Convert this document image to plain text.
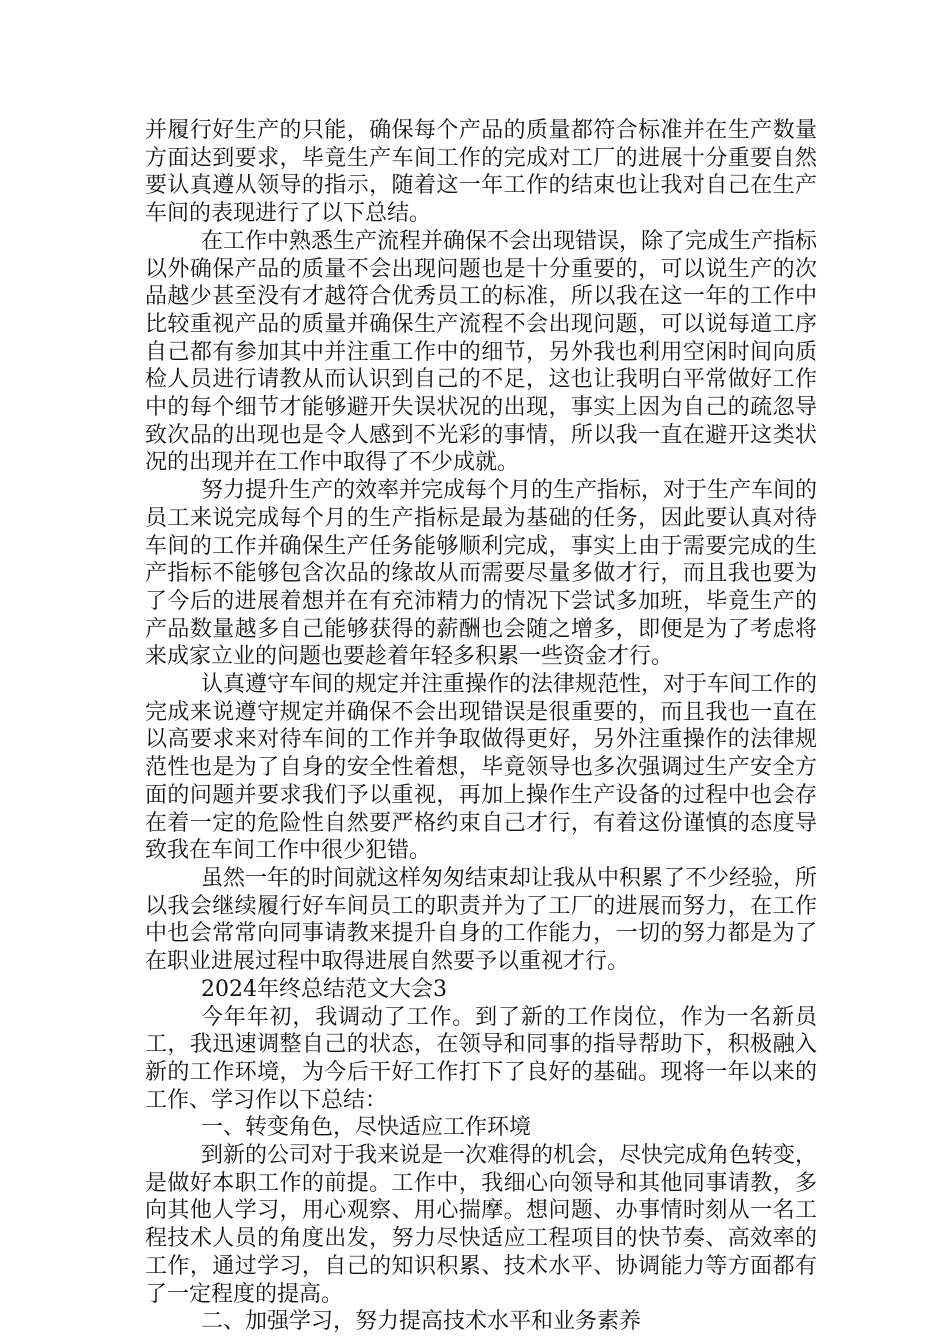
并履行好生产的只能，确保每个产品的质量都符合标准并在生产数量方面达到要求，毕竟生产车间工作的完成对工厂的进展十分重要自然要认真遵从领导的指示，随着这一年工作的结束也让我对自己在生产车间的表现进行了以下总结。

在工作中熟悉生产流程并确保不会出现错误，除了完成生产指标以外确保产品的质量不会出现问题也是十分重要的，可以说生产的次品越少甚至没有才越符合优秀员工的标准，所以我在这一年的工作中比较重视产品的质量并确保生产流程不会出现问题，可以说每道工序自己都有参加其中并注重工作中的细节，另外我也利用空闲时间向质检人员进行请教从而认识到自己的不足，这也让我明白平常做好工作中的每个细节才能够避开失误状况的出现，事实上因为自己的疏忽导致次品的出现也是令人感到不光彩的事情，所以我一直在避开这类状况的出现并在工作中取得了不少成就。

努力提升生产的效率并完成每个月的生产指标，对于生产车间的员工来说完成每个月的生产指标是最为基础的任务，因此要认真对待车间的工作并确保生产任务能够顺利完成，事实上由于需要完成的生产指标不能够包含次品的缘故从而需要尽量多做才行，而且我也要为了今后的进展着想并在有充沛精力的情况下尝试多加班，毕竟生产的产品数量越多自己能够获得的薪酬也会随之增多，即便是为了考虑将来成家立业的问题也要趁着年轻多积累一些资金才行。

认真遵守车间的规定并注重操作的法律规范性，对于车间工作的完成来说遵守规定并确保不会出现错误是很重要的，而且我也一直在以高要求来对待车间的工作并争取做得更好，另外注重操作的法律规范性也是为了自身的安全性着想，毕竟领导也多次强调过生产安全方面的问题并要求我们予以重视，再加上操作生产设备的过程中也会存在着一定的危险性自然要严格约束自己才行，有着这份谨慎的态度导致我在车间工作中很少犯错。

虽然一年的时间就这样匆匆结束却让我从中积累了不少经验，所以我会继续履行好车间员工的职责并为了工厂的进展而努力，在工作中也会常常向同事请教来提升自身的工作能力，一切的努力都是为了在职业进展过程中取得进展自然要予以重视才行。

2024年终总结范文大会3

今年年初，我调动了工作。到了新的工作岗位，作为一名新员工，我迅速调整自己的状态，在领导和同事的指导帮助下，积极融入新的工作环境，为今后干好工作打下了良好的基础。现将一年以来的工作、学习作以下总结：

一、转变角色，尽快适应工作环境

到新的公司对于我来说是一次难得的机会，尽快完成角色转变，是做好本职工作的前提。工作中，我细心向领导和其他同事请教，多向其他人学习，用心观察、用心揣摩。想问题、办事情时刻从一名工程技术人员的角度出发，努力尽快适应工程项目的快节奏、高效率的工作，通过学习，自己的知识积累、技术水平、协调能力等方面都有了一定程度的提高。

二、加强学习，努力提高技术水平和业务素养
